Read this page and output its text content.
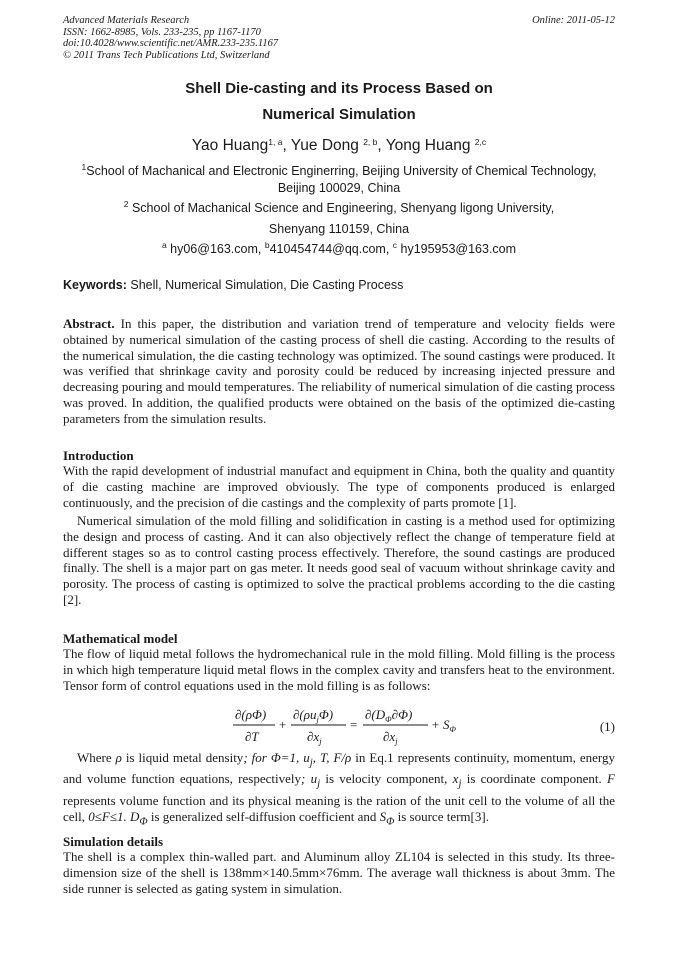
Advanced Materials Research
ISSN: 1662-8985, Vols. 233-235, pp 1167-1170
doi:10.4028/www.scientific.net/AMR.233-235.1167
© 2011 Trans Tech Publications Ltd, Switzerland
Online: 2011-05-12
Shell Die-casting and its Process Based on
Numerical Simulation
Yao Huang$^{1, a}$, Yue Dong $^{2, b}$, Yong Huang $^{2,c}$
$^1$School of Machanical and Electronic Enginerring, Beijing University of Chemical Technology,
Beijing 100029, China
$^2$ School of Machanical Science and Engineering, Shenyang ligong University,
Shenyang 110159, China
$^a$ hy06@163.com, $^b$410454744@qq.com, $^c$ hy195953@163.com
Keywords: Shell, Numerical Simulation, Die Casting Process

Abstract. In this paper, the distribution and variation trend of temperature and velocity fields were obtained by numerical simulation of the casting process of shell die casting. According to the results of the numerical simulation, the die casting technology was optimized. The sound castings were produced. It was verified that shrinkage cavity and porosity could be reduced by increasing injected pressure and decreasing pouring and mould temperatures. The reliability of numerical simulation of die casting process was proved. In addition, the qualified products were obtained on the basis of the optimized die-casting parameters from the simulation results.

Introduction

With the rapid development of industrial manufact and equipment in China, both the quality and quantity of die casting machine are improved obviously. The type of components produced is enlarged continuously, and the precision of die castings and the complexity of parts promote [1].

Numerical simulation of the mold filling and solidification in casting is a method used for optimizing the design and process of casting. And it can also objectively reflect the change of temperature field at different stages so as to control casting process effectively. Therefore, the sound castings are produced finally. The shell is a major part on gas meter. It needs good seal of vacuum without shrinkage cavity and porosity. The process of casting is optimized to solve the practical problems according to the die casting [2].

Mathematical model

The flow of liquid metal follows the hydromechanical rule in the mold filling. Mold filling is the process in which high temperature liquid metal flows in the complex cavity and transfers heat to the environment. Tensor form of control equations used in the mold filling is as follows:

∂(ρΦ)
∂T
+
$\partial(\rho u_j\Phi)$
$\partial x_j$
=
$\partial(D_\Phi\partial\Phi)$
$\partial x_j$
+ $S_\Phi$	(1)

Where ρ is liquid metal density; for Φ=1, $u_j$, T, F/ρ in Eq.1 represents continuity, momentum, energy and volume function equations, respectively; $u_j$ is velocity component, $x_j$ is coordinate component. F represents volume function and its physical meaning is the ration of the unit cell to the volume of all the cell, 0≤F≤1. $D_\Phi$ is generalized self-diffusion coefficient and $S_\Phi$ is source term[3].

Simulation details

The shell is a complex thin-walled part. and Aluminum alloy ZL104 is selected in this study. Its three-dimension size of the shell is 138mm×140.5mm×76mm. The average wall thickness is about 3mm. The side runner is selected as gating system in simulation.
